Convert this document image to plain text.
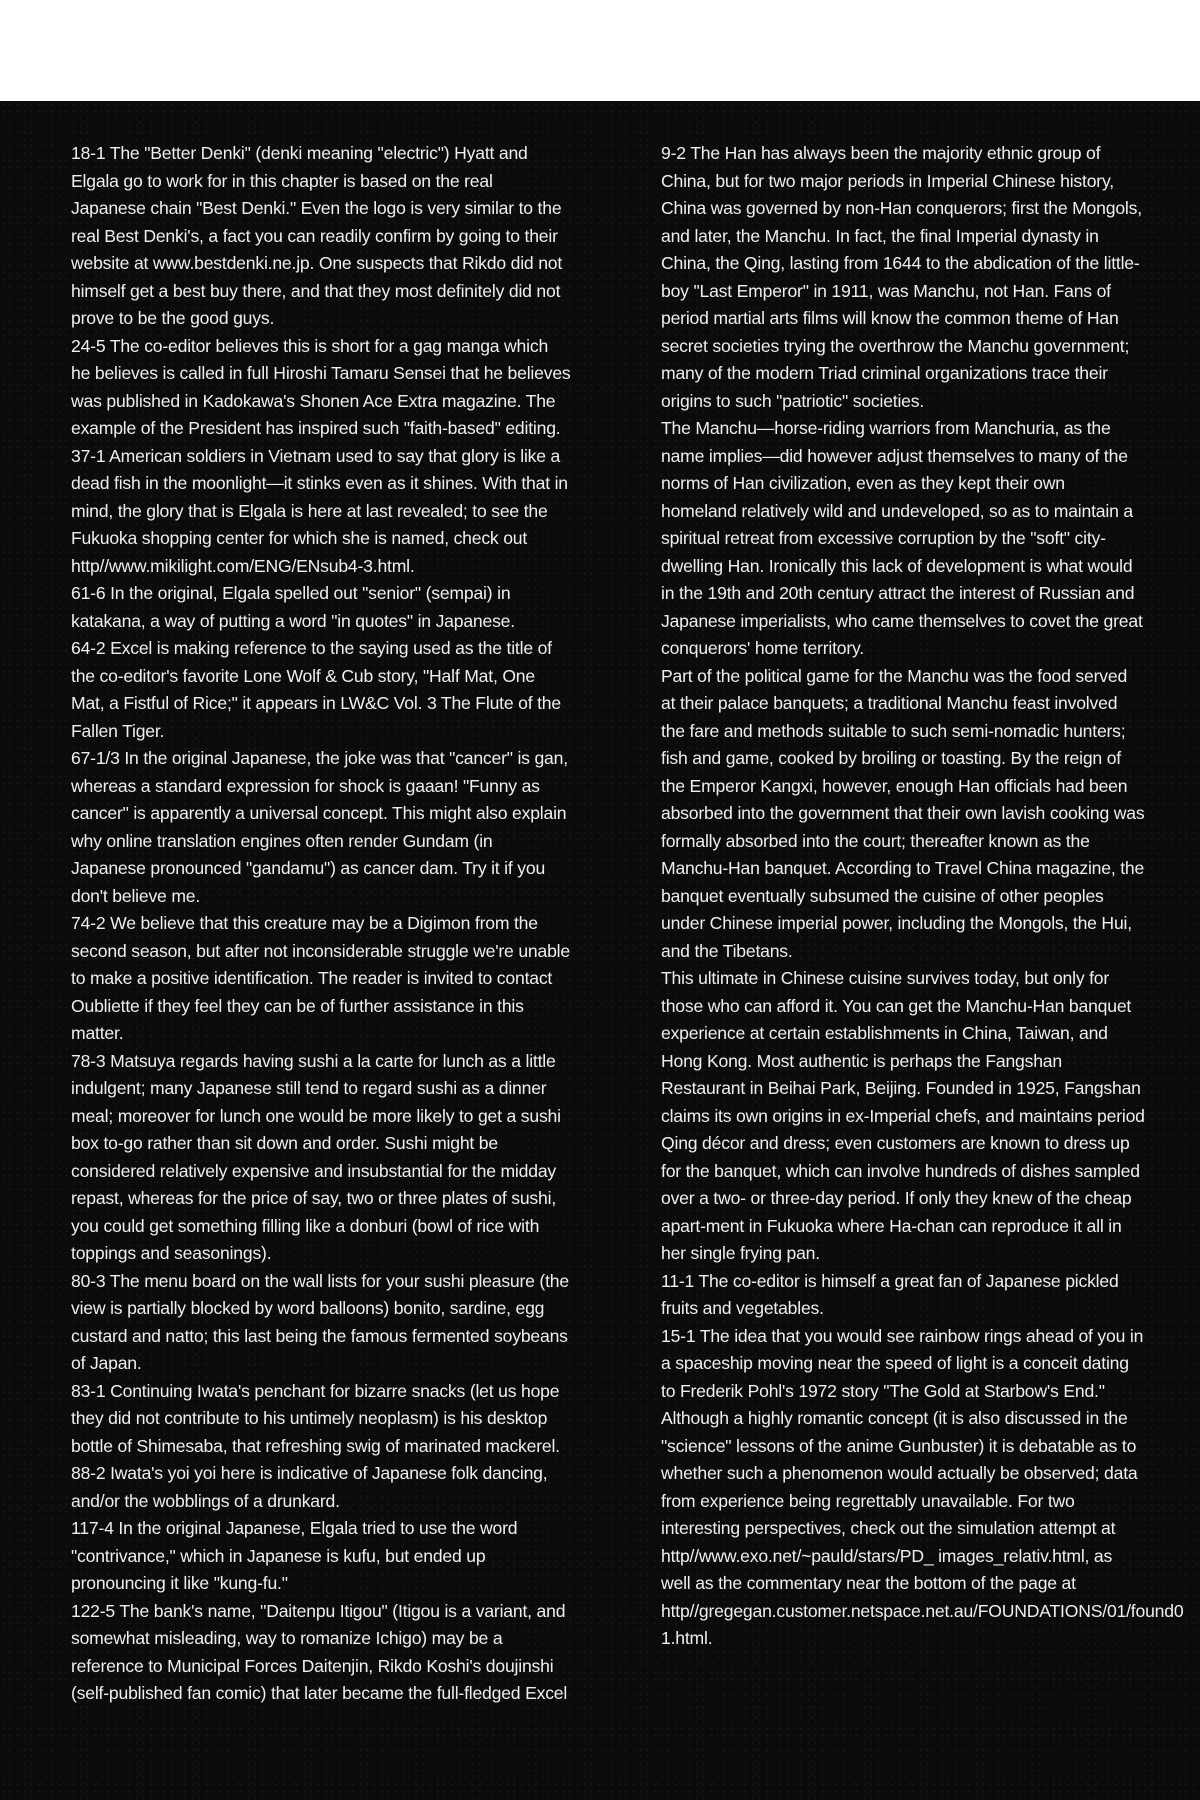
18-1 The "Better Denki" (denki meaning "electric") Hyatt and Elgala go to work for in this chapter is based on the real Japanese chain "Best Denki." Even the logo is very similar to the real Best Denki's, a fact you can readily confirm by going to their website at www.bestdenki.ne.jp. One suspects that Rikdo did not himself get a best buy there, and that they most definitely did not prove to be the good guys.

24-5 The co-editor believes this is short for a gag manga which he believes is called in full Hiroshi Tamaru Sensei that he believes was published in Kadokawa's Shonen Ace Extra magazine. The example of the President has inspired such "faith-based" editing.

37-1 American soldiers in Vietnam used to say that glory is like a dead fish in the moonlight—it stinks even as it shines. With that in mind, the glory that is Elgala is here at last revealed; to see the Fukuoka shopping center for which she is named, check out http//www.mikilight.com/ENG/ENsub4-3.html.

61-6 In the original, Elgala spelled out "senior" (sempai) in katakana, a way of putting a word "in quotes" in Japanese.

64-2 Excel is making reference to the saying used as the title of the co-editor's favorite Lone Wolf & Cub story, "Half Mat, One Mat, a Fistful of Rice;" it appears in LW&C Vol. 3 The Flute of the Fallen Tiger.

67-1/3 In the original Japanese, the joke was that "cancer" is gan, whereas a standard expression for shock is gaaan! "Funny as cancer" is apparently a universal concept. This might also explain why online translation engines often render Gundam (in Japanese pronounced "gandamu") as cancer dam. Try it if you don't believe me.

74-2 We believe that this creature may be a Digimon from the second season, but after not inconsiderable struggle we're unable to make a positive identification. The reader is invited to contact Oubliette if they feel they can be of further assistance in this matter.

78-3 Matsuya regards having sushi a la carte for lunch as a little indulgent; many Japanese still tend to regard sushi as a dinner meal; moreover for lunch one would be more likely to get a sushi box to-go rather than sit down and order. Sushi might be considered relatively expensive and insubstantial for the midday repast, whereas for the price of say, two or three plates of sushi, you could get something filling like a donburi (bowl of rice with toppings and seasonings).

80-3 The menu board on the wall lists for your sushi pleasure (the view is partially blocked by word balloons) bonito, sardine, egg custard and natto; this last being the famous fermented soybeans of Japan.

83-1 Continuing Iwata's penchant for bizarre snacks (let us hope they did not contribute to his untimely neoplasm) is his desktop bottle of Shimesaba, that refreshing swig of marinated mackerel.

88-2 Iwata's yoi yoi here is indicative of Japanese folk dancing, and/or the wobblings of a drunkard.

117-4 In the original Japanese, Elgala tried to use the word "contrivance," which in Japanese is kufu, but ended up pronouncing it like "kung-fu."

122-5 The bank's name, "Daitenpu Itigou" (Itigou is a variant, and somewhat misleading, way to romanize Ichigo) may be a reference to Municipal Forces Daitenjin, Rikdo Koshi's doujinshi (self-published fan comic) that later became the full-fledged Excel

9-2 The Han has always been the majority ethnic group of China, but for two major periods in Imperial Chinese history, China was governed by non-Han conquerors; first the Mongols, and later, the Manchu. In fact, the final Imperial dynasty in China, the Qing, lasting from 1644 to the abdication of the little-boy "Last Emperor" in 1911, was Manchu, not Han. Fans of period martial arts films will know the common theme of Han secret societies trying the overthrow the Manchu government; many of the modern Triad criminal organizations trace their origins to such "patriotic" societies.

The Manchu—horse-riding warriors from Manchuria, as the name implies—did however adjust themselves to many of the norms of Han civilization, even as they kept their own homeland relatively wild and undeveloped, so as to maintain a spiritual retreat from excessive corruption by the "soft" city-dwelling Han. Ironically this lack of development is what would in the 19th and 20th century attract the interest of Russian and Japanese imperialists, who came themselves to covet the great conquerors' home territory.

Part of the political game for the Manchu was the food served at their palace banquets; a traditional Manchu feast involved the fare and methods suitable to such semi-nomadic hunters; fish and game, cooked by broiling or toasting. By the reign of the Emperor Kangxi, however, enough Han officials had been absorbed into the government that their own lavish cooking was formally absorbed into the court; thereafter known as the Manchu-Han banquet. According to Travel China magazine, the banquet eventually subsumed the cuisine of other peoples under Chinese imperial power, including the Mongols, the Hui, and the Tibetans.

This ultimate in Chinese cuisine survives today, but only for those who can afford it. You can get the Manchu-Han banquet experience at certain establishments in China, Taiwan, and Hong Kong. Most authentic is perhaps the Fangshan Restaurant in Beihai Park, Beijing. Founded in 1925, Fangshan claims its own origins in ex-Imperial chefs, and maintains period Qing décor and dress; even customers are known to dress up for the banquet, which can involve hundreds of dishes sampled over a two- or three-day period. If only they knew of the cheap apart-ment in Fukuoka where Ha-chan can reproduce it all in her single frying pan.

11-1 The co-editor is himself a great fan of Japanese pickled fruits and vegetables.

15-1 The idea that you would see rainbow rings ahead of you in a spaceship moving near the speed of light is a conceit dating to Frederik Pohl's 1972 story "The Gold at Starbow's End." Although a highly romantic concept (it is also discussed in the "science" lessons of the anime Gunbuster) it is debatable as to whether such a phenomenon would actually be observed; data from experience being regrettably unavailable. For two interesting perspectives, check out the simulation attempt at http//www.exo.net/~pauld/stars/PD_ images_relativ.html, as well as the commentary near the bottom of the page at http//gregegan.customer.netspace.net.au/FOUNDATIONS/01/found0 1.html.
